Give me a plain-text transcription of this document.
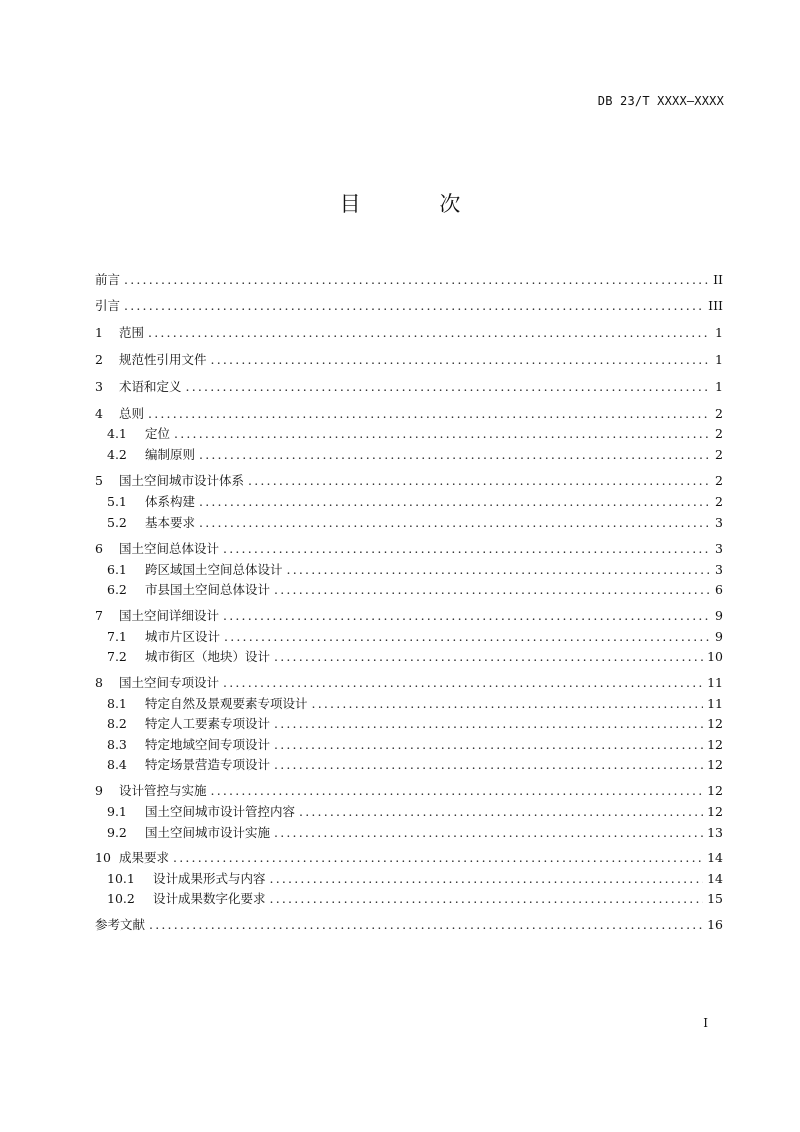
DB 23/T XXXX—XXXX
目 次
前言 .....	II
引言 .....	III
1	范围 .....	1
2	规范性引用文件 .....	1
3	术语和定义 .....	1
4	总则 .....	2
4.1	定位 .....	2
4.2	编制原则 .....	2
5	国土空间城市设计体系 .....	2
5.1	体系构建 .....	2
5.2	基本要求 .....	3
6	国土空间总体设计 .....	3
6.1	跨区域国土空间总体设计 .....	3
6.2	市县国土空间总体设计 .....	6
7	国土空间详细设计 .....	9
7.1	城市片区设计 .....	9
7.2	城市街区（地块）设计 .....	10
8	国土空间专项设计 .....	11
8.1	特定自然及景观要素专项设计 .....	11
8.2	特定人工要素专项设计 .....	12
8.3	特定地域空间专项设计 .....	12
8.4	特定场景营造专项设计 .....	12
9	设计管控与实施 .....	12
9.1	国土空间城市设计管控内容 .....	12
9.2	国土空间城市设计实施 .....	13
10 成果要求 .....	14
10.1	设计成果形式与内容 .....	14
10.2	设计成果数字化要求 .....	15
参考文献 .....	16
I
